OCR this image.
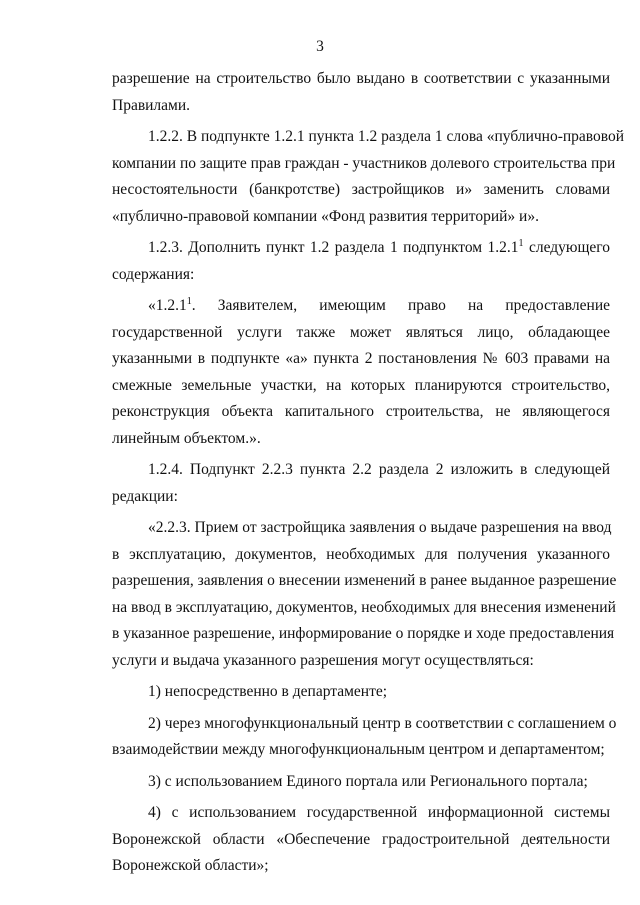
3
разрешение на строительство было выдано в соответствии с указанными
Правилами.
1.2.2. В подпункте 1.2.1 пункта 1.2 раздела 1 слова «публично-правовой
компании по защите прав граждан - участников долевого строительства при
несостоятельности (банкротстве) застройщиков и» заменить словами
«публично-правовой компании «Фонд развития территорий» и».
1.2.3. Дополнить пункт 1.2 раздела 1 подпунктом 1.2.1$^1$ следующего
содержания:
«1.2.1$^1$. Заявителем, имеющим право на предоставление
государственной услуги также может являться лицо, обладающее
указанными в подпункте «а» пункта 2 постановления № 603 правами на
смежные земельные участки, на которых планируются строительство,
реконструкция объекта капитального строительства, не являющегося
линейным объектом.».
1.2.4. Подпункт 2.2.3 пункта 2.2 раздела 2 изложить в следующей
редакции:
«2.2.3. Прием от застройщика заявления о выдаче разрешения на ввод
в эксплуатацию, документов, необходимых для получения указанного
разрешения, заявления о внесении изменений в ранее выданное разрешение
на ввод в эксплуатацию, документов, необходимых для внесения изменений
в указанное разрешение, информирование о порядке и ходе предоставления
услуги и выдача указанного разрешения могут осуществляться:
1) непосредственно в департаменте;
2) через многофункциональный центр в соответствии с соглашением о
взаимодействии между многофункциональным центром и департаментом;
3) с использованием Единого портала или Регионального портала;
4) с использованием государственной информационной системы
Воронежской области «Обеспечение градостроительной деятельности
Воронежской области»;
